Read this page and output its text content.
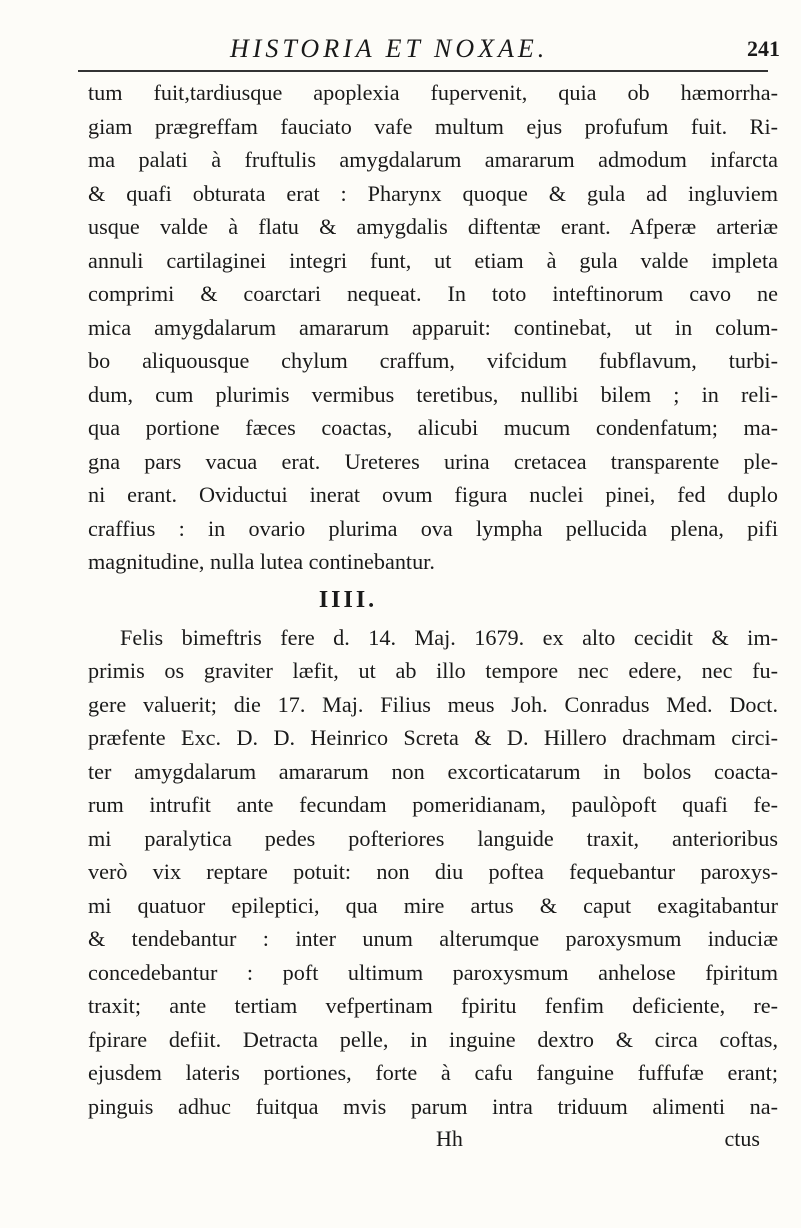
HISTORIA ET NOXAE.	241
tum fuit,tardiusque apoplexia fupervenit, quia ob hæmorrha-
giam prægreffam fauciato vafe multum ejus profufum fuit. Ri-
ma palati à fruftulis amygdalarum amararum admodum infarcta
& quafi obturata erat : Pharynx quoque & gula ad ingluviem
usque valde à flatu & amygdalis diftentæ erant. Afperæ arteriæ
annuli cartilaginei integri funt, ut etiam à gula valde impleta
comprimi & coarctari nequeat. In toto inteftinorum cavo ne
mica amygdalarum amararum apparuit: continebat, ut in colum-
bo aliquousque chylum craffum, vifcidum fubflavum, turbi-
dum, cum plurimis vermibus teretibus, nullibi bilem ; in reli-
qua portione fæces coactas, alicubi mucum condenfatum; ma-
gna pars vacua erat. Ureteres urina cretacea transparente ple-
ni erant. Oviductui inerat ovum figura nuclei pinei, fed duplo
craffius : in ovario plurima ova lympha pellucida plena, pifi
magnitudine, nulla lutea continebantur.
IIII.
Felis bimeftris fere d. 14. Maj. 1679. ex alto cecidit & im-
primis os graviter læfit, ut ab illo tempore nec edere, nec fu-
gere valuerit; die 17. Maj. Filius meus Joh. Conradus Med. Doct.
præfente Exc. D. D. Heinrico Screta & D. Hillero drachmam circi-
ter amygdalarum amararum non excorticatarum in bolos coacta-
rum intrufit ante fecundam pomeridianam, paulòpoft quafi fe-
mi paralytica pedes pofteriores languide traxit, anterioribus
verò vix reptare potuit: non diu poftea fequebantur paroxys-
mi quatuor epileptici, qua mire artus & caput exagitabantur
& tendebantur : inter unum alterumque paroxysmum induciæ
concedebantur : poft ultimum paroxysmum anhelose fpiritum
traxit; ante tertiam vefpertinam fpiritu fenfim deficiente, re-
fpirare defiit. Detracta pelle, in inguine dextro & circa coftas,
ejusdem lateris portiones, forte à cafu fanguine fuffufæ erant;
pinguis adhuc fuitqua mvis parum intra triduum alimenti na-
Hh	ctus
